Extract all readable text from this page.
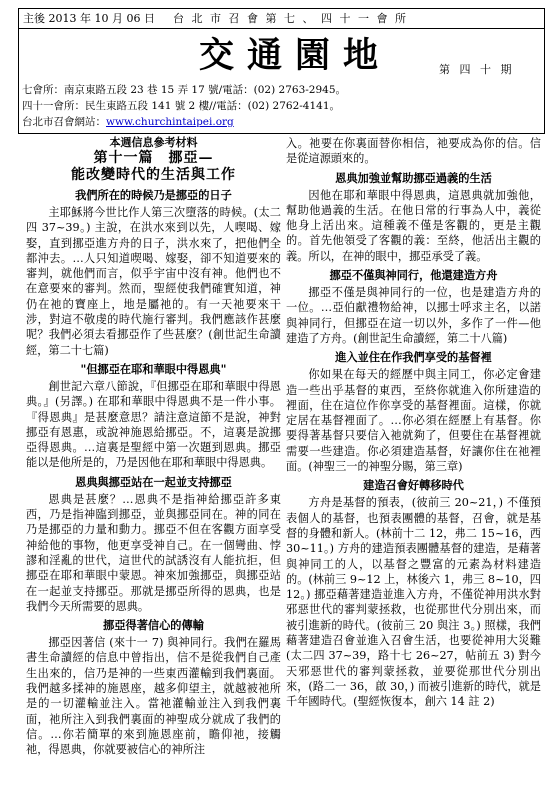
主後 2013 年 10 月 06 日 台 北 市 召 會 第 七 、 四 十 一 會 所
交通園地	第 四 十 期
七會所：南京東路五段 23 巷 15 弄 17 號/電話：(02) 2763-2945。
四十一會所：民生東路五段 141 號 2 樓//電話：(02) 2762-4141。
台北市召會網站：www.churchintaipei.org
本週信息參考材料
第十一篇　挪亞—
能改變時代的生活與工作
我們所在的時候乃是挪亞的日子

主耶穌將今世比作人第三次墮落的時候。(太二四 37~39。) 主說，在洪水來到以先，人喫喝、嫁娶，直到挪亞進方舟的日子，洪水來了，把他們全都沖去。…人只知道喫喝、嫁娶，卻不知道要來的審判，就他們而言，似乎宇宙中沒有神。他們也不在意要來的審判。然而，聖經使我們確實知道，神仍在祂的寶座上，地是屬祂的。有一天祂要來干涉，對這不敬虔的時代施行審判。我們應該作甚麼呢？我們必須去看挪亞作了些甚麼？(創世記生命讀經，第二十七篇)

"但挪亞在耶和華眼中得恩典"

創世記六章八節說，『但挪亞在耶和華眼中得恩典。』(另譯。) 在耶和華眼中得恩典不是一件小事。『得恩典』是甚麼意思？請注意這節不是說，神對挪亞有恩惠，或說神施恩給挪亞。不，這裏是說挪亞得恩典。…這裏是聖經中第一次題到恩典。挪亞能以是他所是的，乃是因他在耶和華眼中得恩典。

恩典與挪亞站在一起並支持挪亞

恩典是甚麼？…恩典不是指神給挪亞許多東西，乃是指神臨到挪亞，並與挪亞同在。神的同在乃是挪亞的力量和動力。挪亞不但在客觀方面享受神給他的事物，他更享受神自己。在一個彎曲、悖謬和淫亂的世代，這世代的試誘沒有人能抗拒，但挪亞在耶和華眼中蒙恩。神來加強挪亞，與挪亞站在一起並支持挪亞。那就是挪亞所得的恩典，也是我們今天所需要的恩典。

挪亞得著信心的傳輸

挪亞因著信 (來十一 7) 與神同行。我們在羅馬書生命讀經的信息中曾指出，信不是從我們自己產生出來的，信乃是神的一些東西灌輸到我們裏面。我們越多揉神的施恩座，越多仰望主，就越被祂所是的一切灌輸並注入。當祂灌輸並注入到我們裏面，祂所注入到我們裏面的神聖成分就成了我們的信。…你若簡單的來到施恩座前，瞻仰祂，接觸祂，得恩典，你就要被信心的神所注

入。祂要在你裏面替你相信，祂要成為你的信。信是從這源頭來的。

恩典加強並幫助挪亞過義的生活

因他在耶和華眼中得恩典，這恩典就加強他，幫助他過義的生活。在他日常的行事為人中，義從他身上活出來。這種義不僅是客觀的，更是主觀的。首先他領受了客觀的義：至終，他活出主觀的義。所以，在神的眼中，挪亞承受了義。

挪亞不僅與神同行，他還建造方舟

挪亞不僅是與神同行的一位，也是建造方舟的一位。…亞伯獻禮物給神，以挪士呼求主名，以諾與神同行，但挪亞在這一切以外，多作了一件—他建造了方舟。(創世記生命讀經，第二十八篇)

進入並住在作我們享受的基督裡

你如果在每天的經歷中與主同工，你必定會建造一些出乎基督的東西，至終你就進入你所建造的裡面，住在這位作你享受的基督裡面。這樣，你就定居在基督裡面了。…你必須在經歷上有基督。你要得著基督只要信入祂就夠了，但要住在基督裡就需要一些建造。你必須建造基督，好讓你住在祂裡面。(神聖三一的神聖分賜，第三章)

建造召會好轉移時代

方舟是基督的預表，(彼前三 20~21，) 不僅預表個人的基督，也預表團體的基督，召會，就是基督的身體和新人。(林前十二 12，弗二 15~16，西 30~11。) 方舟的建造預表團體基督的建造，是藉著與神同工的人，以基督之豐富的元素為材料建造的。(林前三 9~12 上，林後六 1，弗三 8~10，四 12。) 挪亞藉著建造並進入方舟，不僅從神用洪水對邪惡世代的審判蒙拯救，也從那世代分別出來，而被引進新的時代。(彼前三 20 與注 3。) 照樣，我們藉著建造召會並進入召會生活，也要從神用大災難 (太二四 37~39，路十七 26~27，帖前五 3) 對今天邪惡世代的審判蒙拯救，並要從那世代分別出來，(路二一 36，啟 30，) 而被引進新的時代，就是千年國時代。(聖經恢復本，創六 14 註 2)
